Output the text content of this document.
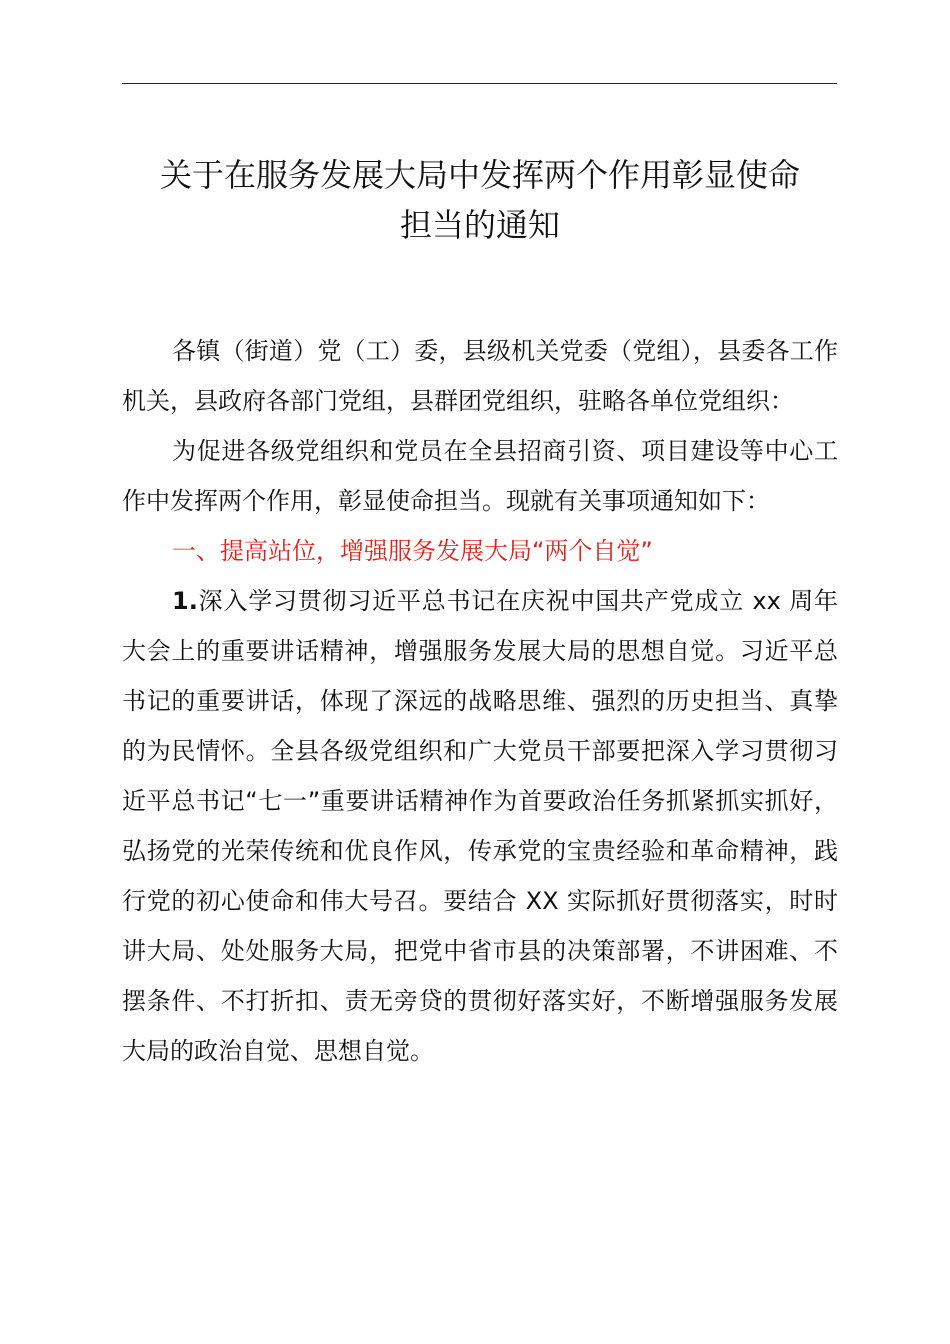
关于在服务发展大局中发挥两个作用彰显使命
担当的通知

各镇（街道）党（工）委，县级机关党委（党组），县委各工作机关，县政府各部门党组，县群团党组织，驻略各单位党组织：

为促进各级党组织和党员在全县招商引资、项目建设等中心工作中发挥两个作用，彰显使命担当。现就有关事项通知如下：

一、提高站位，增强服务发展大局“两个自觉”

1.深入学习贯彻习近平总书记在庆祝中国共产党成立 xx 周年大会上的重要讲话精神，增强服务发展大局的思想自觉。习近平总书记的重要讲话，体现了深远的战略思维、强烈的历史担当、真挚的为民情怀。全县各级党组织和广大党员干部要把深入学习贯彻习近平总书记“七一”重要讲话精神作为首要政治任务抓紧抓实抓好，弘扬党的光荣传统和优良作风，传承党的宝贵经验和革命精神，践行党的初心使命和伟大号召。要结合 XX 实际抓好贯彻落实，时时讲大局、处处服务大局，把党中省市县的决策部署，不讲困难、不摆条件、不打折扣、责无旁贷的贯彻好落实好，不断增强服务发展大局的政治自觉、思想自觉。
